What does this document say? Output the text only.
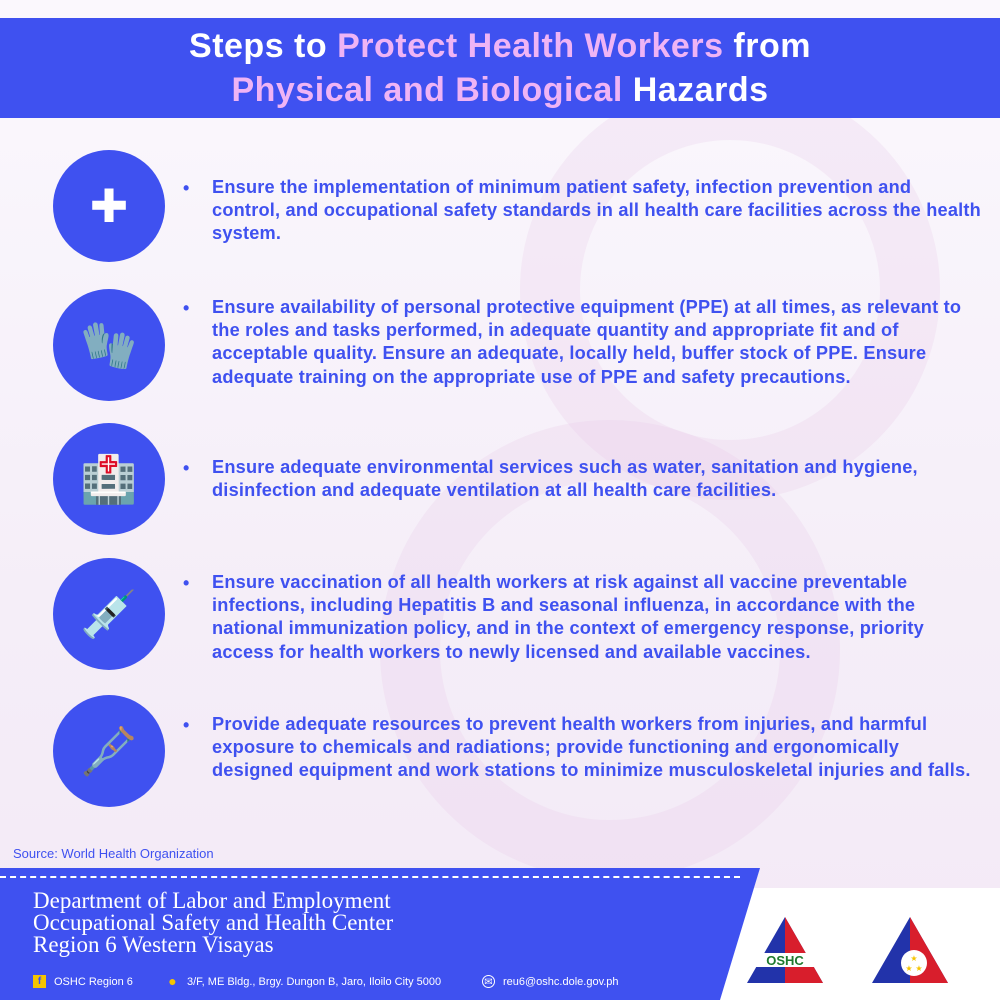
Steps to Protect Health Workers from
Physical and Biological Hazards
✚	• Ensure the implementation of minimum patient safety, infection prevention and control, and occupational safety standards in all health care facilities across the health system.
🧤
• Ensure availability of personal protective equipment (PPE) at all times, as relevant to the roles and tasks performed, in adequate quantity and appropriate fit and of acceptable quality. Ensure an adequate, locally held, buffer stock of PPE. Ensure adequate training on the appropriate use of PPE and safety precautions.
🏥	• Ensure adequate environmental services such as water, sanitation and hygiene, disinfection and adequate ventilation at all health care facilities.
💉
• Ensure vaccination of all health workers at risk against all vaccine preventable infections, including Hepatitis B and seasonal influenza, in accordance with the national immunization policy, and in the context of emergency response, priority access for health workers to newly licensed and available vaccines.
🩼	• Provide adequate resources to prevent health workers from injuries, and harmful exposure to chemicals and radiations; provide functioning and ergonomically designed equipment and work stations to minimize musculoskeletal injuries and falls.
Source: World Health Organization
Department of Labor and Employment
Occupational Safety and Health Center
Region 6 Western Visayas
f	OSHC Region 6	● 3/F, ME Bldg., Brgy. Dungon B, Jaro, Iloilo City 5000	✉ reu6@oshc.dole.gov.ph
OSHC	★
★ ★
